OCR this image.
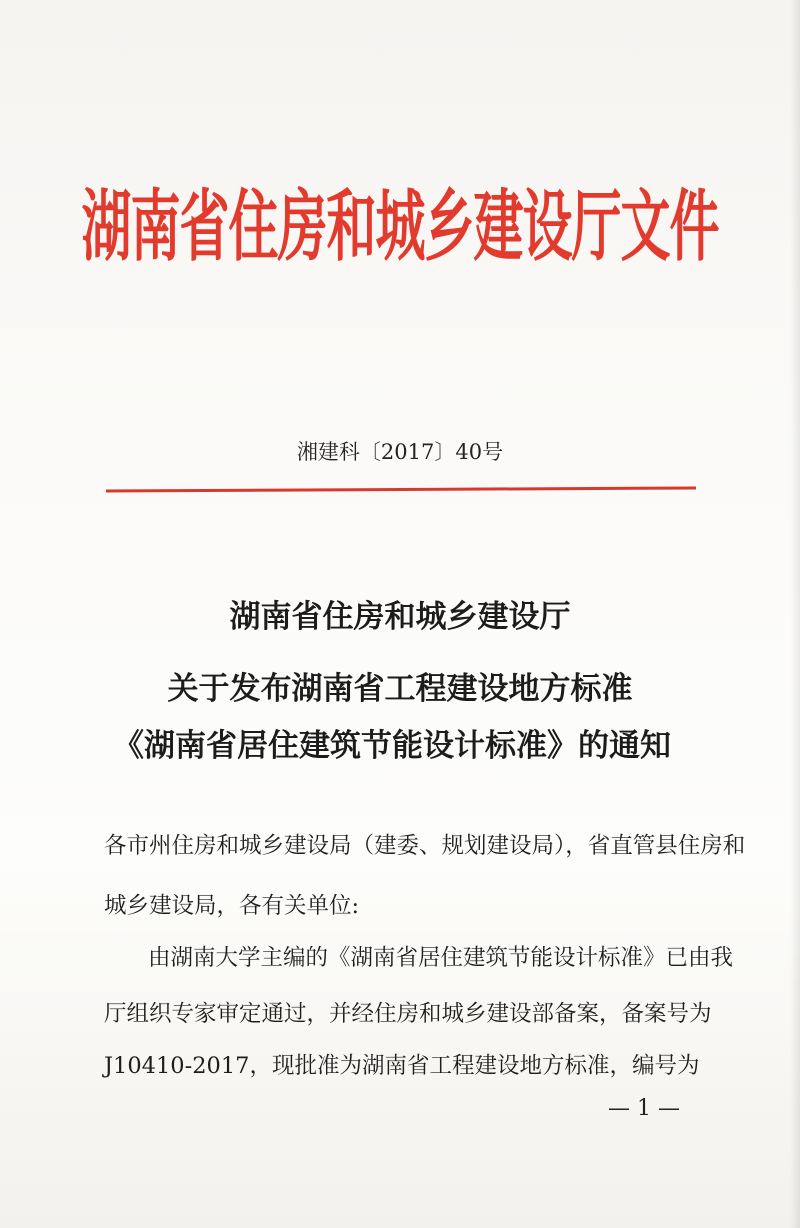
湖南省住房和城乡建设厅文件
湘建科〔2017〕40号
湖南省住房和城乡建设厅
关于发布湖南省工程建设地方标准
《湖南省居住建筑节能设计标准》的通知
各市州住房和城乡建设局（建委、规划建设局），省直管县住房和
城乡建设局，各有关单位:
由湖南大学主编的《湖南省居住建筑节能设计标准》已由我
厅组织专家审定通过，并经住房和城乡建设部备案，备案号为
J10410-2017，现批准为湖南省工程建设地方标准，编号为
— 1 —
